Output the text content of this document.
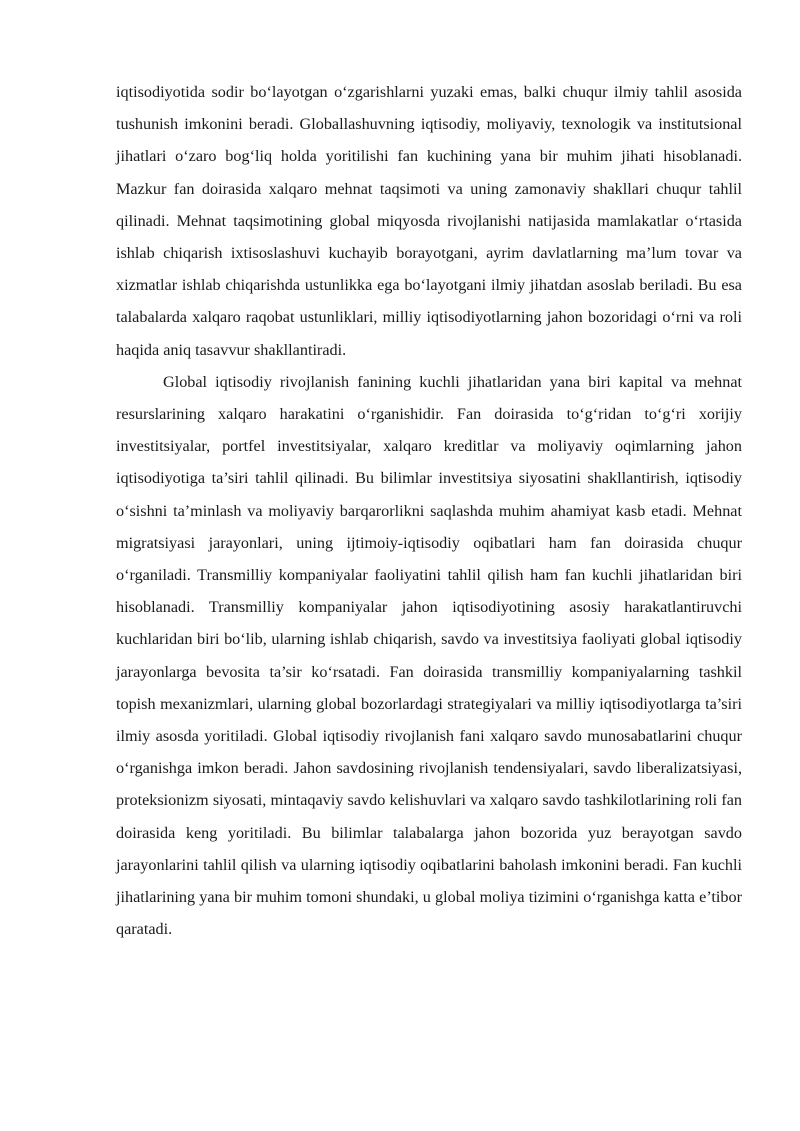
iqtisodiyotida sodir bo‘layotgan o‘zgarishlarni yuzaki emas, balki chuqur ilmiy tahlil asosida tushunish imkonini beradi. Globallashuvning iqtisodiy, moliyaviy, texnologik va institutsional jihatlari o‘zaro bog‘liq holda yoritilishi fan kuchining yana bir muhim jihati hisoblanadi. Mazkur fan doirasida xalqaro mehnat taqsimoti va uning zamonaviy shakllari chuqur tahlil qilinadi. Mehnat taqsimotining global miqyosda rivojlanishi natijasida mamlakatlar o‘rtasida ishlab chiqarish ixtisoslashuvi kuchayib borayotgani, ayrim davlatlarning ma’lum tovar va xizmatlar ishlab chiqarishda ustunlikka ega bo‘layotgani ilmiy jihatdan asoslab beriladi. Bu esa talabalarda xalqaro raqobat ustunliklari, milliy iqtisodiyotlarning jahon bozoridagi o‘rni va roli haqida aniq tasavvur shakllantiradi.

Global iqtisodiy rivojlanish fanining kuchli jihatlaridan yana biri kapital va mehnat resurslarining xalqaro harakatini o‘rganishidir. Fan doirasida to‘g‘ridan to‘g‘ri xorijiy investitsiyalar, portfel investitsiyalar, xalqaro kreditlar va moliyaviy oqimlarning jahon iqtisodiyotiga ta’siri tahlil qilinadi. Bu bilimlar investitsiya siyosatini shakllantirish, iqtisodiy o‘sishni ta’minlash va moliyaviy barqarorlikni saqlashda muhim ahamiyat kasb etadi. Mehnat migratsiyasi jarayonlari, uning ijtimoiy-iqtisodiy oqibatlari ham fan doirasida chuqur o‘rganiladi. Transmilliy kompaniyalar faoliyatini tahlil qilish ham fan kuchli jihatlaridan biri hisoblanadi. Transmilliy kompaniyalar jahon iqtisodiyotining asosiy harakatlantiruvchi kuchlaridan biri bo‘lib, ularning ishlab chiqarish, savdo va investitsiya faoliyati global iqtisodiy jarayonlarga bevosita ta’sir ko‘rsatadi. Fan doirasida transmilliy kompaniyalarning tashkil topish mexanizmlari, ularning global bozorlardagi strategiyalari va milliy iqtisodiyotlarga ta’siri ilmiy asosda yoritiladi. Global iqtisodiy rivojlanish fani xalqaro savdo munosabatlarini chuqur o‘rganishga imkon beradi. Jahon savdosining rivojlanish tendensiyalari, savdo liberalizatsiyasi, proteksionizm siyosati, mintaqaviy savdo kelishuvlari va xalqaro savdo tashkilotlarining roli fan doirasida keng yoritiladi. Bu bilimlar talabalarga jahon bozorida yuz berayotgan savdo jarayonlarini tahlil qilish va ularning iqtisodiy oqibatlarini baholash imkonini beradi. Fan kuchli jihatlarining yana bir muhim tomoni shundaki, u global moliya tizimini o‘rganishga katta e’tibor qaratadi.
